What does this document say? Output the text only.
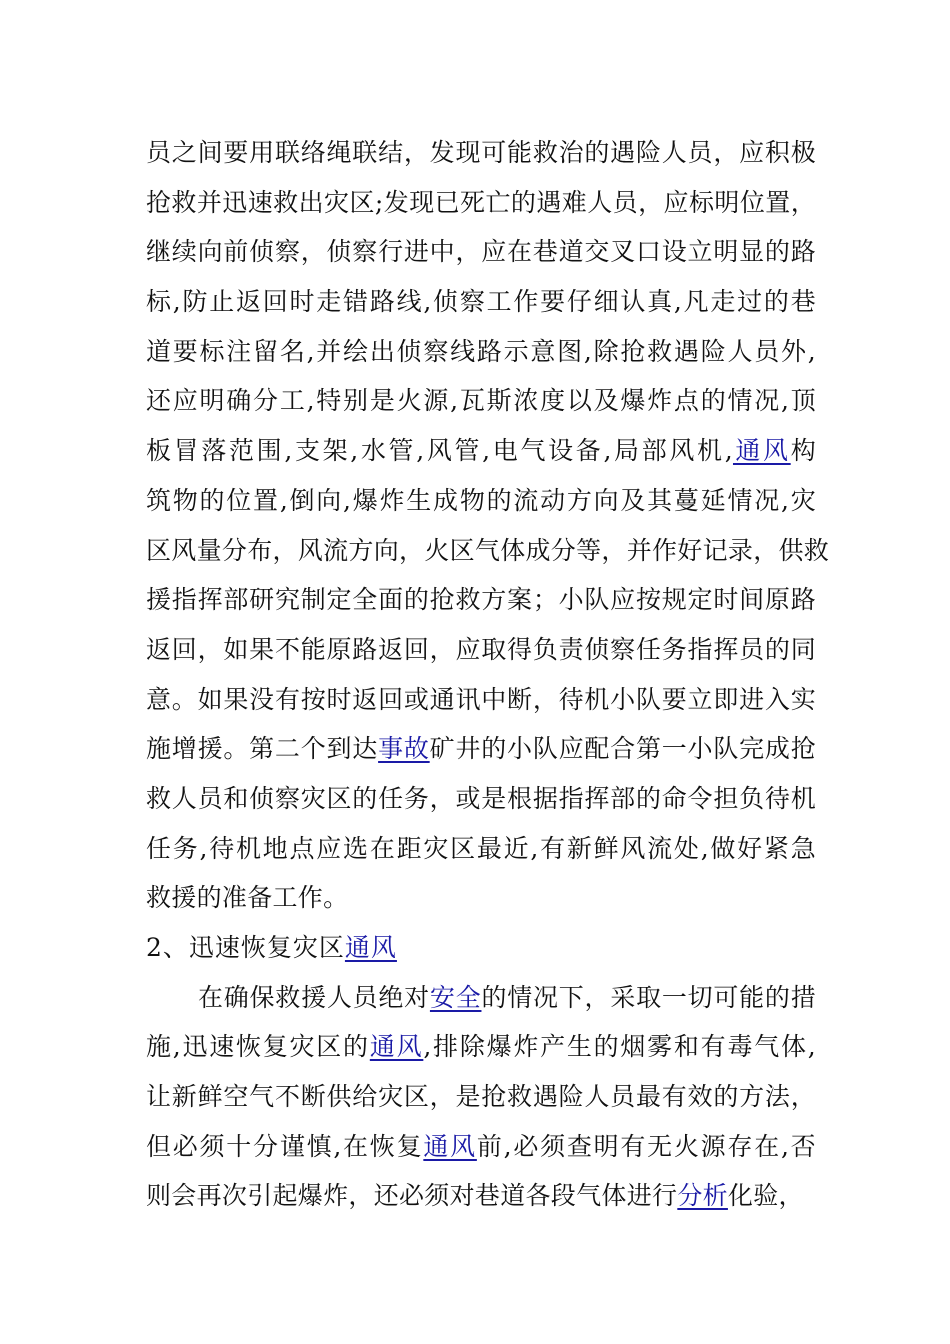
员之间要用联络绳联结，发现可能救治的遇险人员，应积极
抢救并迅速救出灾区;发现已死亡的遇难人员，应标明位置，
继续向前侦察，侦察行进中，应在巷道交叉口设立明显的路
标,防止返回时走错路线,侦察工作要仔细认真,凡走过的巷
道要标注留名,并绘出侦察线路示意图,除抢救遇险人员外,
还应明确分工,特别是火源,瓦斯浓度以及爆炸点的情况,顶
板冒落范围,支架,水管,风管,电气设备,局部风机,通风构
筑物的位置,倒向,爆炸生成物的流动方向及其蔓延情况,灾
区风量分布，风流方向，火区气体成分等，并作好记录，供救
援指挥部研究制定全面的抢救方案；小队应按规定时间原路
返回，如果不能原路返回，应取得负责侦察任务指挥员的同
意。如果没有按时返回或通讯中断，待机小队要立即进入实
施增援。第二个到达事故矿井的小队应配合第一小队完成抢
救人员和侦察灾区的任务，或是根据指挥部的命令担负待机
任务,待机地点应选在距灾区最近,有新鲜风流处,做好紧急
救援的准备工作。
2、迅速恢复灾区通风
在确保救援人员绝对安全的情况下，采取一切可能的措
施,迅速恢复灾区的通风,排除爆炸产生的烟雾和有毒气体,
让新鲜空气不断供给灾区，是抢救遇险人员最有效的方法，
但必须十分谨慎,在恢复通风前,必须查明有无火源存在,否
则会再次引起爆炸，还必须对巷道各段气体进行分析化验，
